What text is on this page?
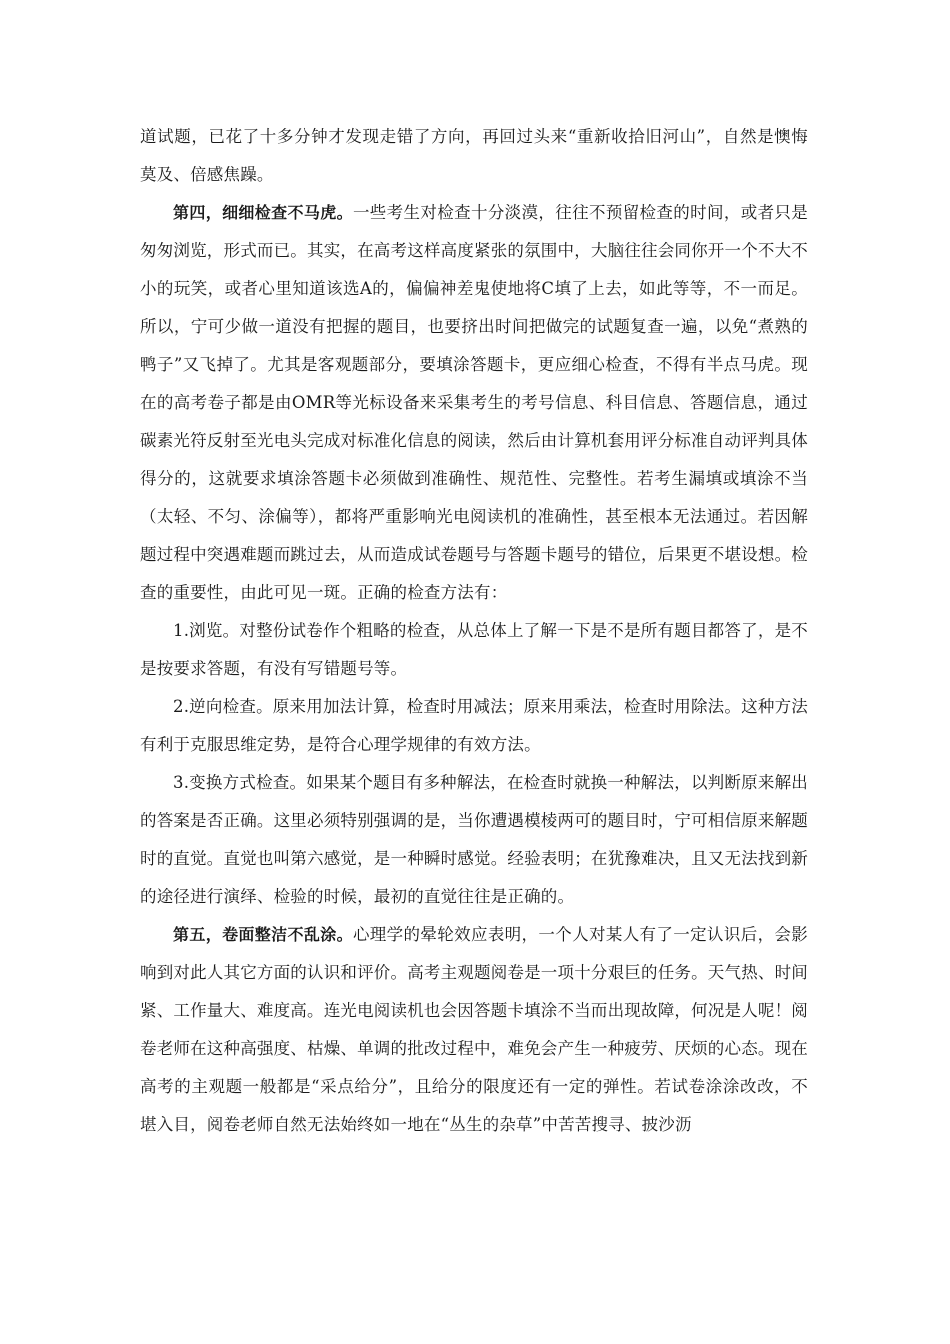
道试题，已花了十多分钟才发现走错了方向，再回过头来“重新收拾旧河山”，自然是懊悔莫及、倍感焦躁。

第四，细细检查不马虎。一些考生对检查十分淡漠，往往不预留检查的时间，或者只是匆匆浏览，形式而已。其实，在高考这样高度紧张的氛围中，大脑往往会同你开一个不大不小的玩笑，或者心里知道该选A的，偏偏神差鬼使地将C填了上去，如此等等，不一而足。所以，宁可少做一道没有把握的题目，也要挤出时间把做完的试题复查一遍，以免“煮熟的鸭子”又飞掉了。尤其是客观题部分，要填涂答题卡，更应细心检查，不得有半点马虎。现在的高考卷子都是由OMR等光标设备来采集考生的考号信息、科目信息、答题信息，通过碳素光符反射至光电头完成对标准化信息的阅读，然后由计算机套用评分标准自动评判具体得分的，这就要求填涂答题卡必须做到准确性、规范性、完整性。若考生漏填或填涂不当（太轻、不匀、涂偏等），都将严重影响光电阅读机的准确性，甚至根本无法通过。若因解题过程中突遇难题而跳过去，从而造成试卷题号与答题卡题号的错位，后果更不堪设想。检查的重要性，由此可见一斑。正确的检查方法有：

1.浏览。对整份试卷作个粗略的检查，从总体上了解一下是不是所有题目都答了，是不是按要求答题，有没有写错题号等。

2.逆向检查。原来用加法计算，检查时用减法；原来用乘法，检查时用除法。这种方法有利于克服思维定势，是符合心理学规律的有效方法。

3.变换方式检查。如果某个题目有多种解法，在检查时就换一种解法，以判断原来解出的答案是否正确。这里必须特别强调的是，当你遭遇模棱两可的题目时，宁可相信原来解题时的直觉。直觉也叫第六感觉，是一种瞬时感觉。经验表明；在犹豫难决，且又无法找到新的途径进行演绎、检验的时候，最初的直觉往往是正确的。

第五，卷面整洁不乱涂。心理学的晕轮效应表明，一个人对某人有了一定认识后，会影响到对此人其它方面的认识和评价。高考主观题阅卷是一项十分艰巨的任务。天气热、时间紧、工作量大、难度高。连光电阅读机也会因答题卡填涂不当而出现故障，何况是人呢！阅卷老师在这种高强度、枯燥、单调的批改过程中，难免会产生一种疲劳、厌烦的心态。现在高考的主观题一般都是“采点给分”，且给分的限度还有一定的弹性。若试卷涂涂改改，不堪入目，阅卷老师自然无法始终如一地在“丛生的杂草”中苦苦搜寻、披沙沥
